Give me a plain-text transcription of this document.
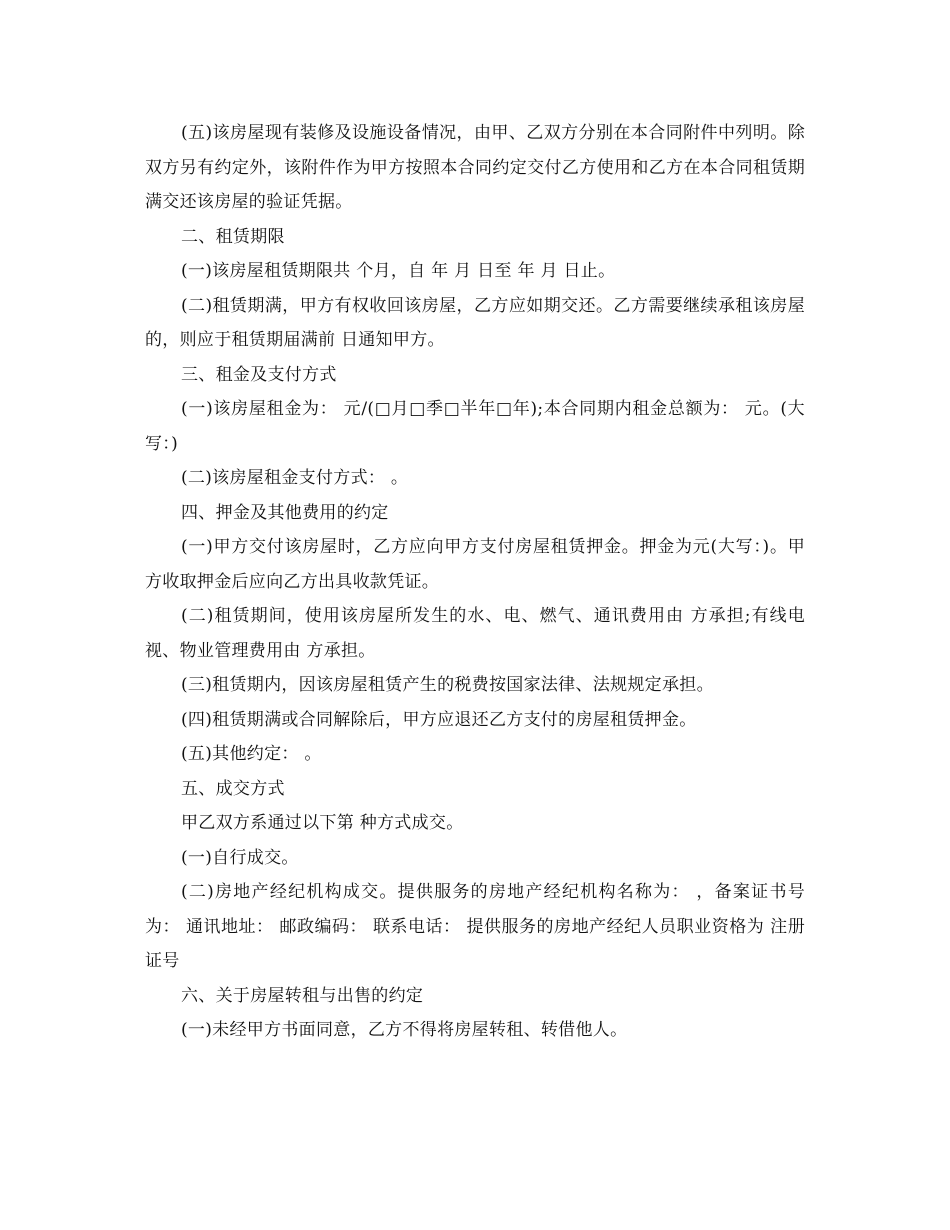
(五)该房屋现有装修及设施设备情况，由甲、乙双方分别在本合同附件中列明。除双方另有约定外，该附件作为甲方按照本合同约定交付乙方使用和乙方在本合同租赁期满交还该房屋的验证凭据。

二、租赁期限

(一)该房屋租赁期限共 个月，自 年 月 日至 年 月 日止。

(二)租赁期满，甲方有权收回该房屋，乙方应如期交还。乙方需要继续承租该房屋的，则应于租赁期届满前 日通知甲方。

三、租金及支付方式

(一)该房屋租金为： 元/(□月□季□半年□年);本合同期内租金总额为： 元。(大写：)

(二)该房屋租金支付方式： 。

四、押金及其他费用的约定

(一)甲方交付该房屋时，乙方应向甲方支付房屋租赁押金。押金为元(大写：)。甲方收取押金后应向乙方出具收款凭证。

(二)租赁期间，使用该房屋所发生的水、电、燃气、通讯费用由 方承担;有线电视、物业管理费用由 方承担。

(三)租赁期内，因该房屋租赁产生的税费按国家法律、法规规定承担。

(四)租赁期满或合同解除后，甲方应退还乙方支付的房屋租赁押金。

(五)其他约定： 。

五、成交方式

甲乙双方系通过以下第 种方式成交。

(一)自行成交。

(二)房地产经纪机构成交。提供服务的房地产经纪机构名称为： ，备案证书号为： 通讯地址： 邮政编码： 联系电话： 提供服务的房地产经纪人员职业资格为 注册证号

六、关于房屋转租与出售的约定

(一)未经甲方书面同意，乙方不得将房屋转租、转借他人。
